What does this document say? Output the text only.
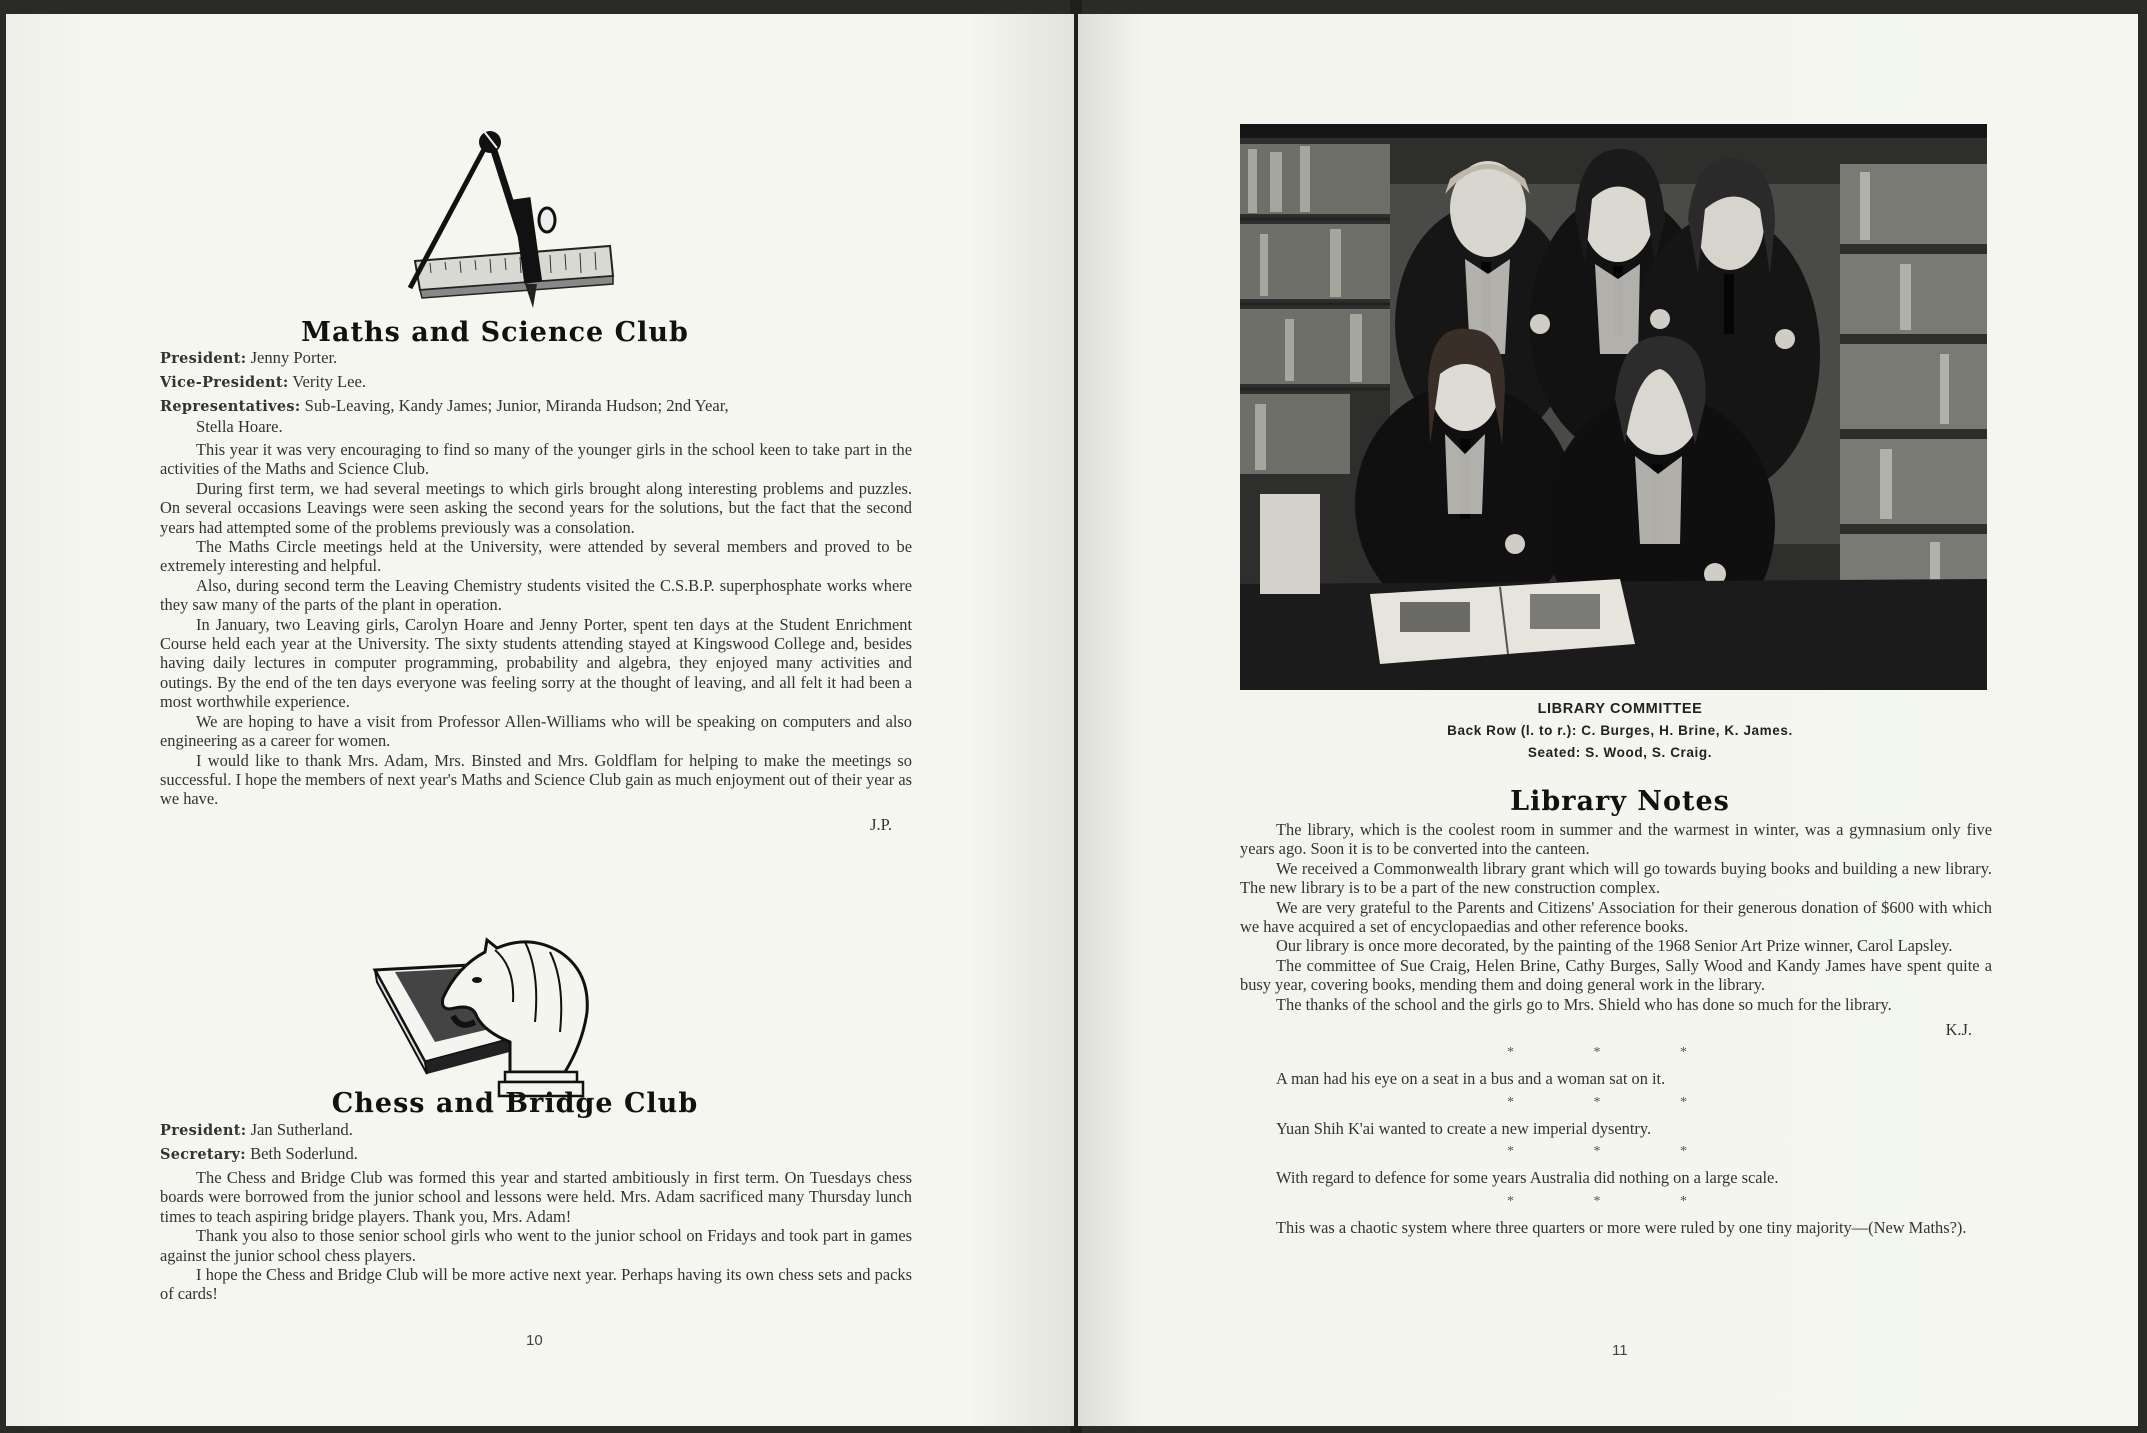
Maths and Science Club
President: Jenny Porter.
Vice-President: Verity Lee.
Representatives: Sub-Leaving, Kandy James; Junior, Miranda Hudson; 2nd Year,
Stella Hoare.

This year it was very encouraging to find so many of the younger girls in the school keen to take part in the activities of the Maths and Science Club.

During first term, we had several meetings to which girls brought along interesting problems and puzzles. On several occasions Leavings were seen asking the second years for the solutions, but the fact that the second years had attempted some of the problems previously was a consolation.

The Maths Circle meetings held at the University, were attended by several members and proved to be extremely interesting and helpful.

Also, during second term the Leaving Chemistry students visited the C.S.B.P. superphosphate works where they saw many of the parts of the plant in operation.

In January, two Leaving girls, Carolyn Hoare and Jenny Porter, spent ten days at the Student Enrichment Course held each year at the University. The sixty students attending stayed at Kingswood College and, besides having daily lectures in computer programming, probability and algebra, they enjoyed many activities and outings. By the end of the ten days everyone was feeling sorry at the thought of leaving, and all felt it had been a most worthwhile experience.

We are hoping to have a visit from Professor Allen-Williams who will be speaking on computers and also engineering as a career for women.

I would like to thank Mrs. Adam, Mrs. Binsted and Mrs. Goldflam for helping to make the meetings so successful. I hope the members of next year's Maths and Science Club gain as much enjoyment out of their year as we have.

J.P.

Chess and Bridge Club
President: Jan Sutherland.
Secretary: Beth Soderlund.

The Chess and Bridge Club was formed this year and started ambitiously in first term. On Tuesdays chess boards were borrowed from the junior school and lessons were held. Mrs. Adam sacrificed many Thursday lunch times to teach aspiring bridge players. Thank you, Mrs. Adam!

Thank you also to those senior school girls who went to the junior school on Fridays and took part in games against the junior school chess players.

I hope the Chess and Bridge Club will be more active next year. Perhaps having its own chess sets and packs of cards!

10
LIBRARY COMMITTEE
Back Row (l. to r.): C. Burges, H. Brine, K. James.
Seated: S. Wood, S. Craig.
Library Notes

The library, which is the coolest room in summer and the warmest in winter, was a gymnasium only five years ago. Soon it is to be converted into the canteen.

We received a Commonwealth library grant which will go towards buying books and building a new library. The new library is to be a part of the new construction complex.

We are very grateful to the Parents and Citizens' Association for their generous donation of $600 with which we have acquired a set of encyclopaedias and other reference books.

Our library is once more decorated, by the painting of the 1968 Senior Art Prize winner, Carol Lapsley.

The committee of Sue Craig, Helen Brine, Cathy Burges, Sally Wood and Kandy James have spent quite a busy year, covering books, mending them and doing general work in the library.

The thanks of the school and the girls go to Mrs. Shield who has done so much for the library.

K.J.

* * *

A man had his eye on a seat in a bus and a woman sat on it.

* * *

Yuan Shih K'ai wanted to create a new imperial dysentry.

* * *

With regard to defence for some years Australia did nothing on a large scale.

* * *

This was a chaotic system where three quarters or more were ruled by one tiny majority—(New Maths?).

11
